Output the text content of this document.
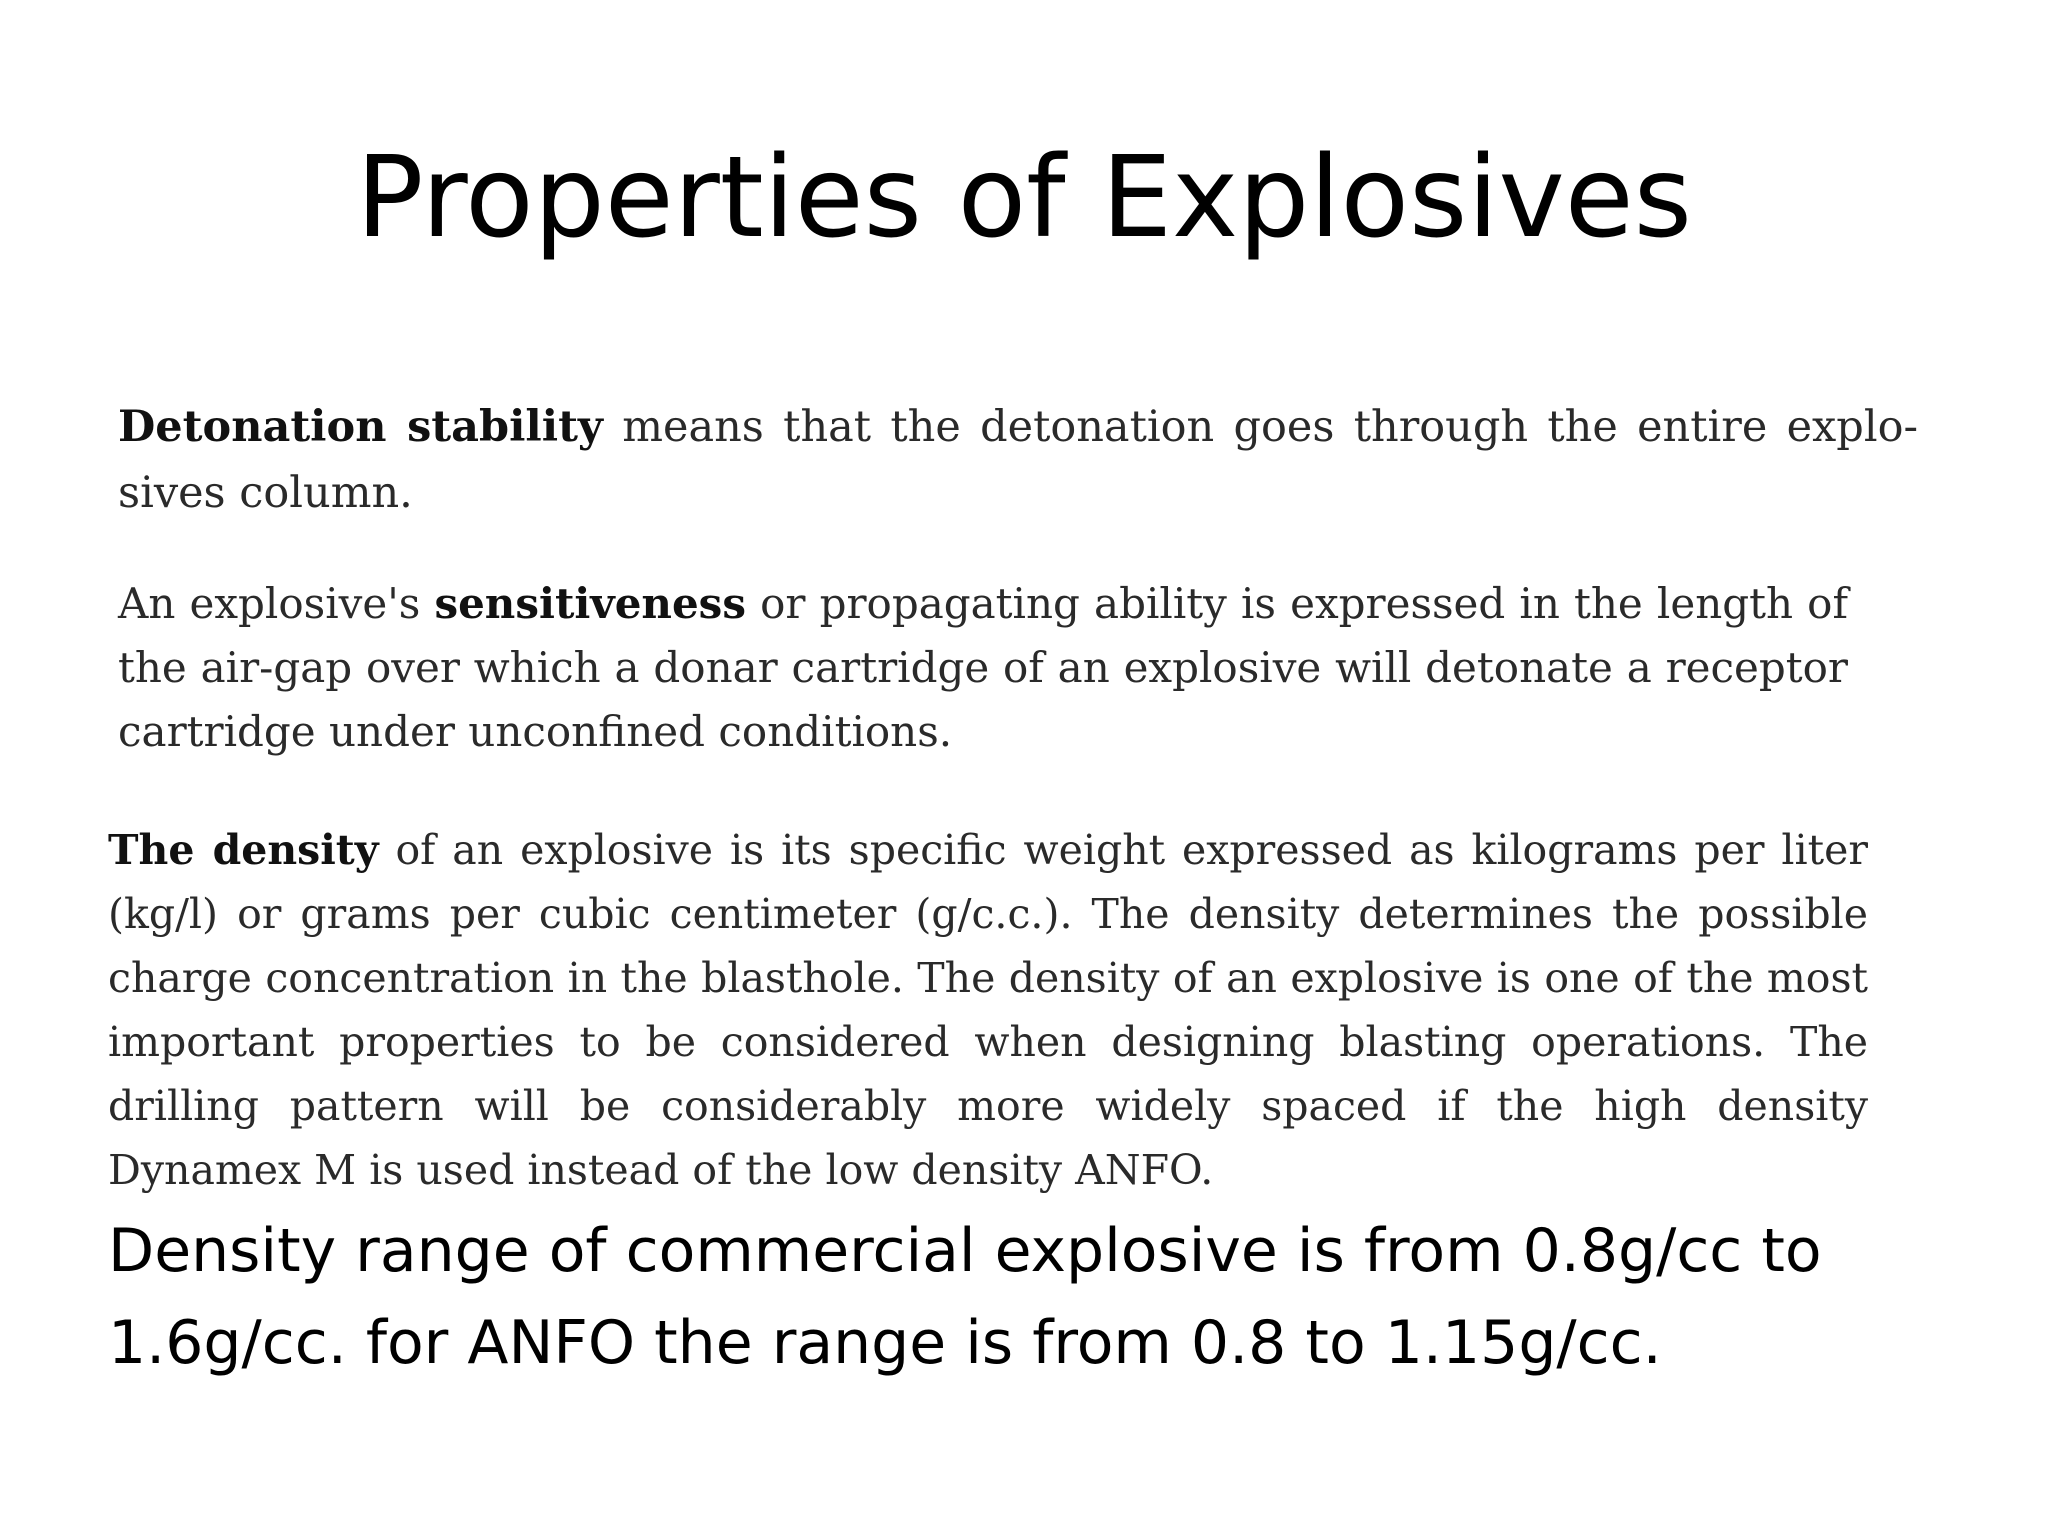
Properties of Explosives

Detonation stability means that the detonation goes through the entire explo-sives column.

An explosive's sensitiveness or propagating ability is expressed in the length of the air-gap over which a donar cartridge of an explosive will detonate a receptor cartridge under unconfined conditions.

The density of an explosive is its specific weight expressed as kilograms per liter (kg/l) or grams per cubic centimeter (g/c.c.). The density determines the possible charge concentration in the blasthole. The density of an explosive is one of the most important properties to be considered when designing blasting operations. The drilling pattern will be considerably more widely spaced if the high density Dynamex M is used instead of the low density ANFO.

Density range of commercial explosive is from 0.8g/cc to 1.6g/cc. for ANFO the range is from 0.8 to 1.15g/cc.
